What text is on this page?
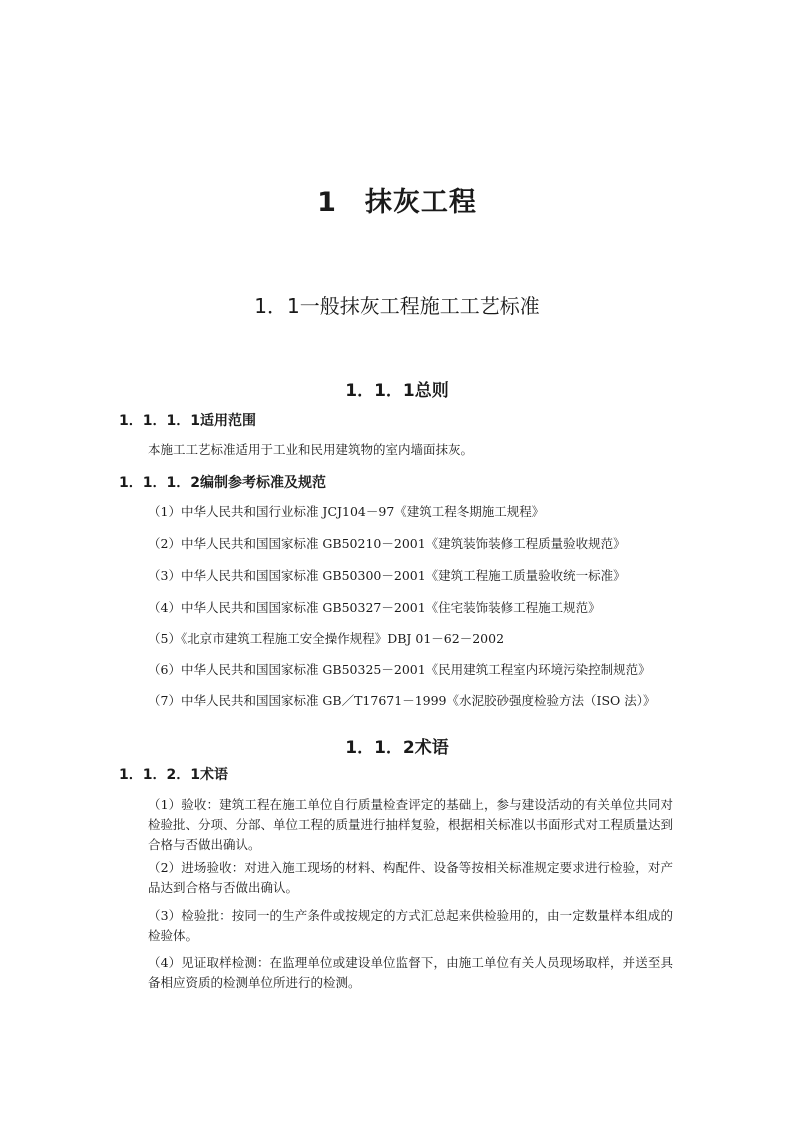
1　抹灰工程
1．1一般抹灰工程施工工艺标准
1．1．1总则
1．1．1．1适用范围
本施工工艺标准适用于工业和民用建筑物的室内墙面抹灰。
1．1．1．2编制参考标准及规范
（1）中华人民共和国行业标准 JCJ104－97《建筑工程冬期施工规程》
（2）中华人民共和国国家标准 GB50210－2001《建筑装饰装修工程质量验收规范》
（3）中华人民共和国国家标准 GB50300－2001《建筑工程施工质量验收统一标准》
（4）中华人民共和国国家标准 GB50327－2001《住宅装饰装修工程施工规范》
（5）《北京市建筑工程施工安全操作规程》DBJ 01－62－2002
（6）中华人民共和国国家标准 GB50325－2001《民用建筑工程室内环境污染控制规范》
（7）中华人民共和国国家标准 GB／T17671－1999《水泥胶砂强度检验方法（ISO 法）》
1．1．2术语
1．1．2．1术语
（1）验收：建筑工程在施工单位自行质量检查评定的基础上，参与建设活动的有关单位共同对检验批、分项、分部、单位工程的质量进行抽样复验，根据相关标准以书面形式对工程质量达到合格与否做出确认。
（2）进场验收：对进入施工现场的材料、构配件、设备等按相关标准规定要求进行检验，对产品达到合格与否做出确认。
（3）检验批：按同一的生产条件或按规定的方式汇总起来供检验用的，由一定数量样本组成的检验体。
（4）见证取样检测：在监理单位或建设单位监督下，由施工单位有关人员现场取样，并送至具备相应资质的检测单位所进行的检测。
